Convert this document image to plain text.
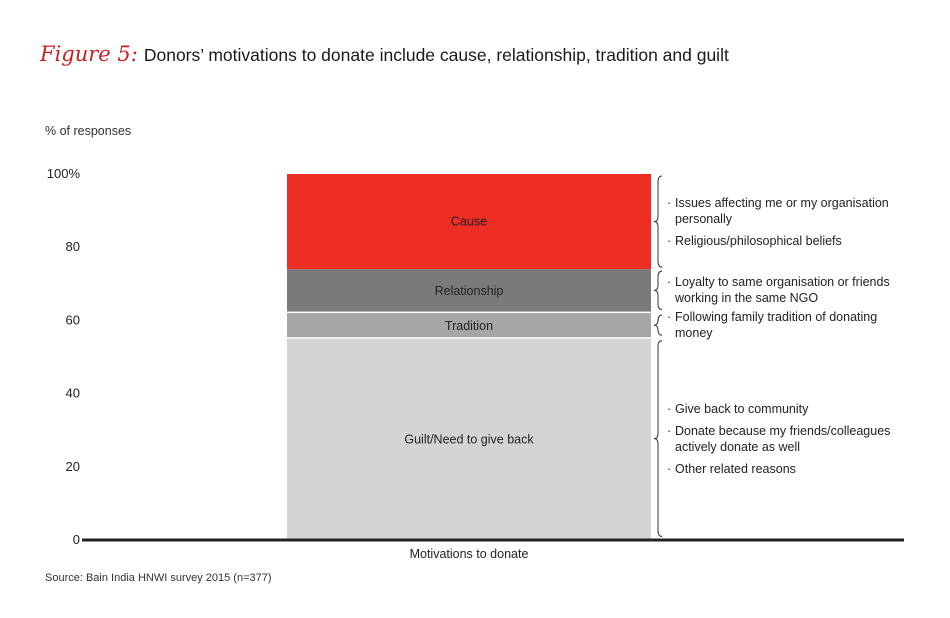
Figure 5: Donors’ motivations to donate include cause, relationship, tradition and guilt
% of responses
0
20
40
60
80
100%
Guilt/Need to give back
Tradition
Relationship
Cause
Motivations to donate
· Give back to community
· Donate because my friends/colleagues actively donate as well
· Other related reasons
· Following family tradition of donating money
· Loyalty to same organisation or friends working in the same NGO
· Issues affecting me or my organisation personally
· Religious/philosophical beliefs
Source: Bain India HNWI survey 2015 (n=377)
